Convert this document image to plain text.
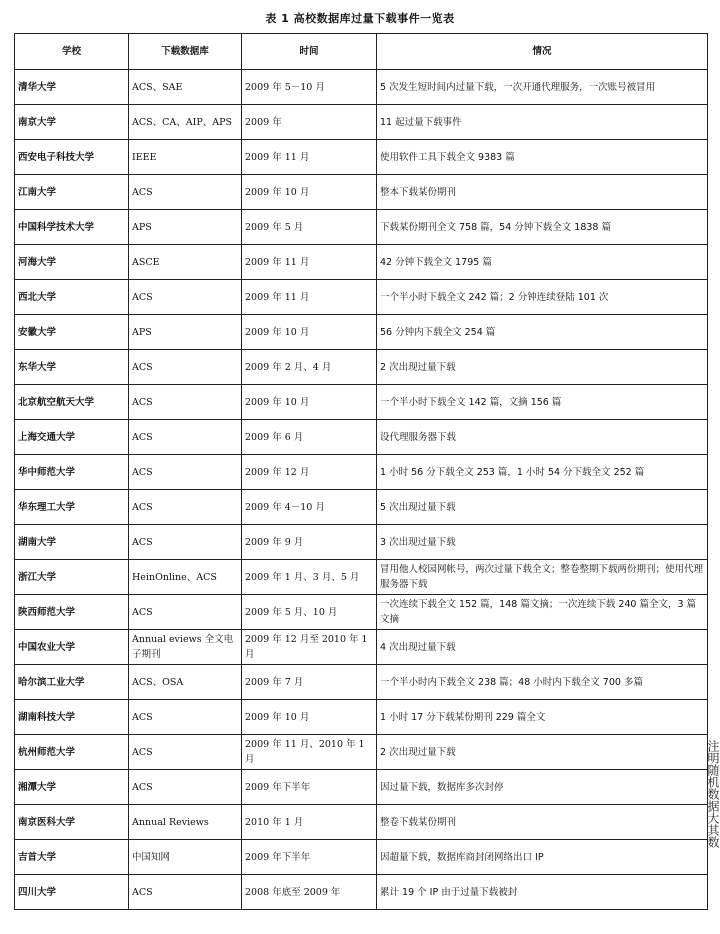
表 1 高校数据库过量下载事件一览表
学校	下载数据库	时间	情况
清华大学	ACS、SAE	2009 年 5－10 月	5 次发生短时间内过量下载，一次开通代理服务，一次账号被冒用
南京大学	ACS、CA、AIP、APS	2009 年	11 起过量下载事件
西安电子科技大学	IEEE	2009 年 11 月	使用软件工具下载全文 9383 篇
江南大学	ACS	2009 年 10 月	整本下载某份期刊
中国科学技术大学	APS	2009 年 5 月	下载某份期刊全文 758 篇，54 分钟下载全文 1838 篇
河海大学	ASCE	2009 年 11 月	42 分钟下载全文 1795 篇
西北大学	ACS	2009 年 11 月	一个半小时下载全文 242 篇；2 分钟连续登陆 101 次
安徽大学	APS	2009 年 10 月	56 分钟内下载全文 254 篇
东华大学	ACS	2009 年 2 月、4 月	2 次出现过量下载
北京航空航天大学	ACS	2009 年 10 月	一个半小时下载全文 142 篇，文摘 156 篇
上海交通大学	ACS	2009 年 6 月	设代理服务器下载
华中师范大学	ACS	2009 年 12 月	1 小时 56 分下载全文 253 篇，1 小时 54 分下载全文 252 篇
华东理工大学	ACS	2009 年 4－10 月	5 次出现过量下载
湖南大学	ACS	2009 年 9 月	3 次出现过量下载
浙江大学	HeinOnline、ACS	2009 年 1 月、3 月、5 月	冒用他人校园网帐号，两次过量下载全文；整卷整期下载两份期刊；使用代理服务器下载
陕西师范大学	ACS	2009 年 5 月、10 月	一次连续下载全文 152 篇，148 篇文摘；一次连续下载 240 篇全文，3 篇文摘
中国农业大学	Annual eviews 全文电子期刊	2009 年 12 月至 2010 年 1 月	4 次出现过量下载
哈尔滨工业大学	ACS、OSA	2009 年 7 月	一个半小时内下载全文 238 篇；48 小时内下载全文 700 多篇
湖南科技大学	ACS	2009 年 10 月	1 小时 17 分下载某份期刊 229 篇全文
杭州师范大学	ACS	2009 年 11 月、2010 年 1 月	2 次出现过量下载
湘潭大学	ACS	2009 年下半年	因过量下载，数据库多次封停
南京医科大学	Annual Reviews	2010 年 1 月	整卷下载某份期刊
吉首大学	中国知网	2009 年下半年	因超量下载，数据库商封闭网络出口 IP
四川大学	ACS	2008 年底至 2009 年	累计 19 个 IP 由于过量下载被封
注明随机数据大其数
